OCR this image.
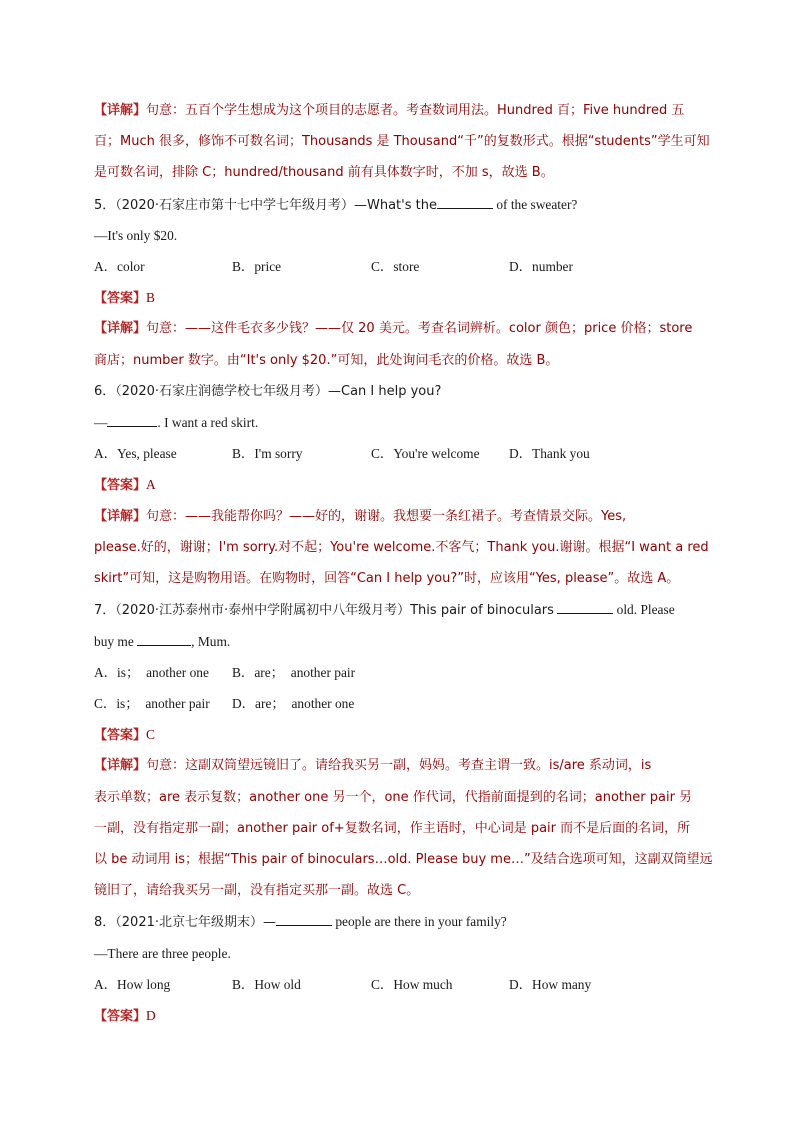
【详解】句意：五百个学生想成为这个项目的志愿者。考查数词用法。Hundred 百；Five hundred 五
百；Much 很多，修饰不可数名词；Thousands 是 Thousand“千”的复数形式。根据“students”学生可知
是可数名词，排除 C；hundred/thousand 前有具体数字时，不加 s，故选 B。
5．（2020·石家庄市第十七中学七年级月考）—What's the	of the sweater?
—It's only $20.
A．color	B．price	C．store	D．number
【答案】B
【详解】句意：——这件毛衣多少钱？——仅 20 美元。考查名词辨析。color 颜色；price 价格；store
商店；number 数字。由“It's only $20.”可知，此处询问毛衣的价格。故选 B。
6．（2020·石家庄润德学校七年级月考）—Can I help you?
—	. I want a red skirt.
A．Yes, please	B．I'm sorry	C．You're welcome D．Thank you
【答案】A
【详解】句意：——我能帮你吗？——好的，谢谢。我想要一条红裙子。考查情景交际。Yes,
please.好的，谢谢；I'm sorry.对不起；You're welcome.不客气；Thank you.谢谢。根据“I want a red
skirt”可知，这是购物用语。在购物时，回答“Can I help you?”时，应该用“Yes, please”。故选 A。
7．（2020·江苏泰州市·泰州中学附属初中八年级月考）This pair of binoculars	old. Please
buy me	, Mum.
A．is；　another one B．are；　another pair
C．is；　another pair D．are；　another one
【答案】C
【详解】句意：这副双筒望远镜旧了。请给我买另一副，妈妈。考查主谓一致。is/are 系动词，is
表示单数；are 表示复数；another one 另一个，one 作代词，代指前面提到的名词；another pair 另
一副，没有指定那一副；another pair of+复数名词，作主语时，中心词是 pair 而不是后面的名词，所
以 be 动词用 is；根据“This pair of binoculars…old. Please buy me…”及结合选项可知，这副双筒望远
镜旧了，请给我买另一副，没有指定买那一副。故选 C。
8．（2021·北京七年级期末）—	people are there in your family?
—There are three people.
A．How long	B．How old	C．How much	D．How many
【答案】D
